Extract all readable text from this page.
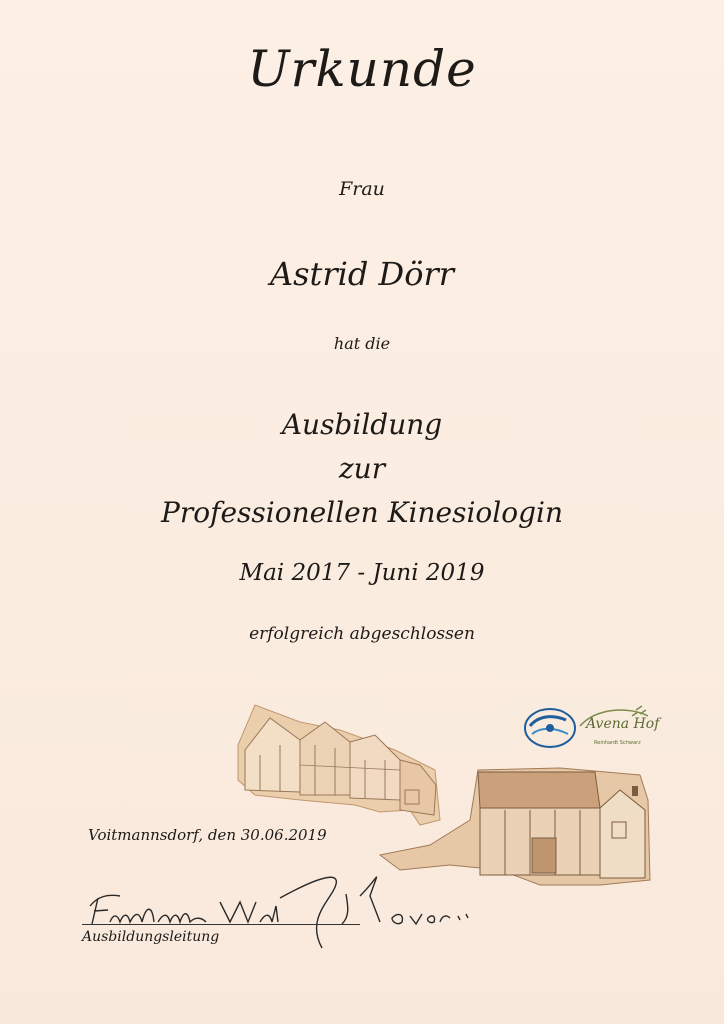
Urkunde
Frau
Astrid Dörr
hat die
Ausbildung
zur
Professionellen Kinesiologin
Mai 2017 - Juni 2019
erfolgreich abgeschlossen
Avena Hof
Reinhardt Schwarz
Voitmannsdorf, den 30.06.2019
Ausbildungsleitung
